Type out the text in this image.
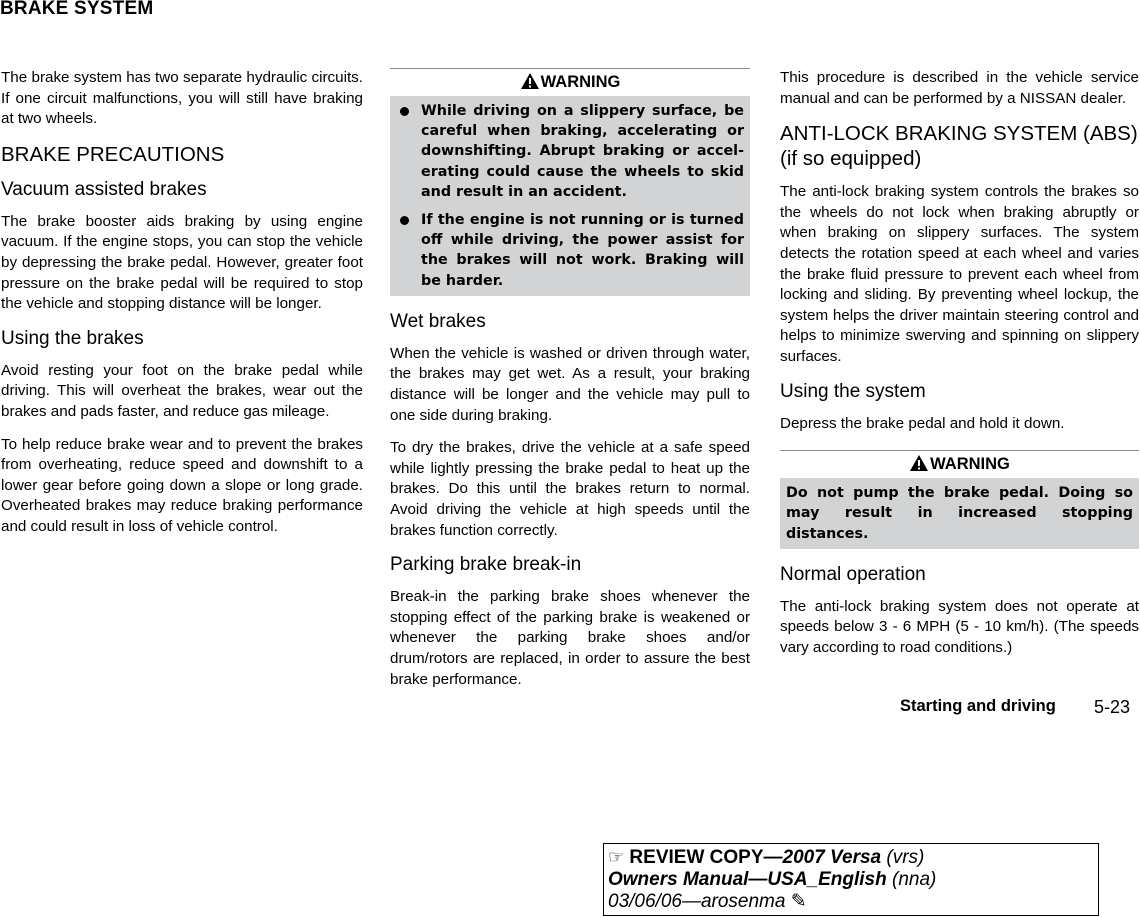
BRAKE SYSTEM

The brake system has two separate hydraulic circuits. If one circuit malfunctions, you will still have braking at two wheels.

BRAKE PRECAUTIONS
Vacuum assisted brakes

The brake booster aids braking by using engine vacuum. If the engine stops, you can stop the vehicle by depressing the brake pedal. However, greater foot pressure on the brake pedal will be required to stop the vehicle and stopping distance will be longer.

Using the brakes

Avoid resting your foot on the brake pedal while driving. This will overheat the brakes, wear out the brakes and pads faster, and reduce gas mileage.

To help reduce brake wear and to prevent the brakes from overheating, reduce speed and downshift to a lower gear before going down a slope or long grade. Overheated brakes may reduce braking performance and could result in loss of vehicle control.

WARNING
While driving on a slippery surface, be careful when braking, accelerating or downshifting. Abrupt braking or accelerating could cause the wheels to skid and result in an accident.
If the engine is not running or is turned off while driving, the power assist for the brakes will not work. Braking will be harder.
Wet brakes

When the vehicle is washed or driven through water, the brakes may get wet. As a result, your braking distance will be longer and the vehicle may pull to one side during braking.

To dry the brakes, drive the vehicle at a safe speed while lightly pressing the brake pedal to heat up the brakes. Do this until the brakes return to normal. Avoid driving the vehicle at high speeds until the brakes function correctly.

Parking brake break-in

Break-in the parking brake shoes whenever the stopping effect of the parking brake is weakened or whenever the parking brake shoes and/or drum/rotors are replaced, in order to assure the best brake performance.

This procedure is described in the vehicle service manual and can be performed by a NISSAN dealer.

ANTI-LOCK BRAKING SYSTEM (ABS) (if so equipped)

The anti-lock braking system controls the brakes so the wheels do not lock when braking abruptly or when braking on slippery surfaces. The system detects the rotation speed at each wheel and varies the brake fluid pressure to prevent each wheel from locking and sliding. By preventing wheel lockup, the system helps the driver maintain steering control and helps to minimize swerving and spinning on slippery surfaces.

Using the system

Depress the brake pedal and hold it down.

WARNING
Do not pump the brake pedal. Doing so may result in increased stopping distances.
Normal operation

The anti-lock braking system does not operate at speeds below 3 - 6 MPH (5 - 10 km/h). (The speeds vary according to road conditions.)

Starting and driving 5-23
☞ REVIEW COPY—2007 Versa (vrs)
Owners Manual—USA_English (nna)
03/06/06—arosenma ✎
